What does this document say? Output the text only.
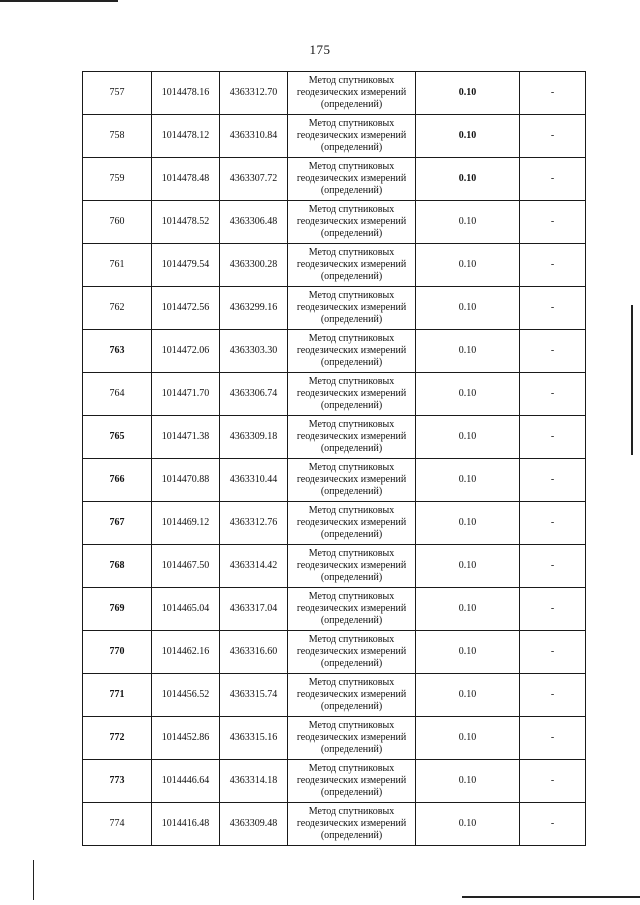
175
757	1014478.16	4363312.70	Метод спутниковых геодезических измерений (определений)	0.10	-
758	1014478.12	4363310.84	Метод спутниковых геодезических измерений (определений)	0.10	-
759	1014478.48	4363307.72	Метод спутниковых геодезических измерений (определений)	0.10	-
760	1014478.52	4363306.48	Метод спутниковых геодезических измерений (определений)	0.10	-
761	1014479.54	4363300.28	Метод спутниковых геодезических измерений (определений)	0.10	-
762	1014472.56	4363299.16	Метод спутниковых геодезических измерений (определений)	0.10	-
763	1014472.06	4363303.30	Метод спутниковых геодезических измерений (определений)	0.10	-
764	1014471.70	4363306.74	Метод спутниковых геодезических измерений (определений)	0.10	-
765	1014471.38	4363309.18	Метод спутниковых геодезических измерений (определений)	0.10	-
766	1014470.88	4363310.44	Метод спутниковых геодезических измерений (определений)	0.10	-
767	1014469.12	4363312.76	Метод спутниковых геодезических измерений (определений)	0.10	-
768	1014467.50	4363314.42	Метод спутниковых геодезических измерений (определений)	0.10	-
769	1014465.04	4363317.04	Метод спутниковых геодезических измерений (определений)	0.10	-
770	1014462.16	4363316.60	Метод спутниковых геодезических измерений (определений)	0.10	-
771	1014456.52	4363315.74	Метод спутниковых геодезических измерений (определений)	0.10	-
772	1014452.86	4363315.16	Метод спутниковых геодезических измерений (определений)	0.10	-
773	1014446.64	4363314.18	Метод спутниковых геодезических измерений (определений)	0.10	-
774	1014416.48	4363309.48	Метод спутниковых геодезических измерений (определений)	0.10	-
